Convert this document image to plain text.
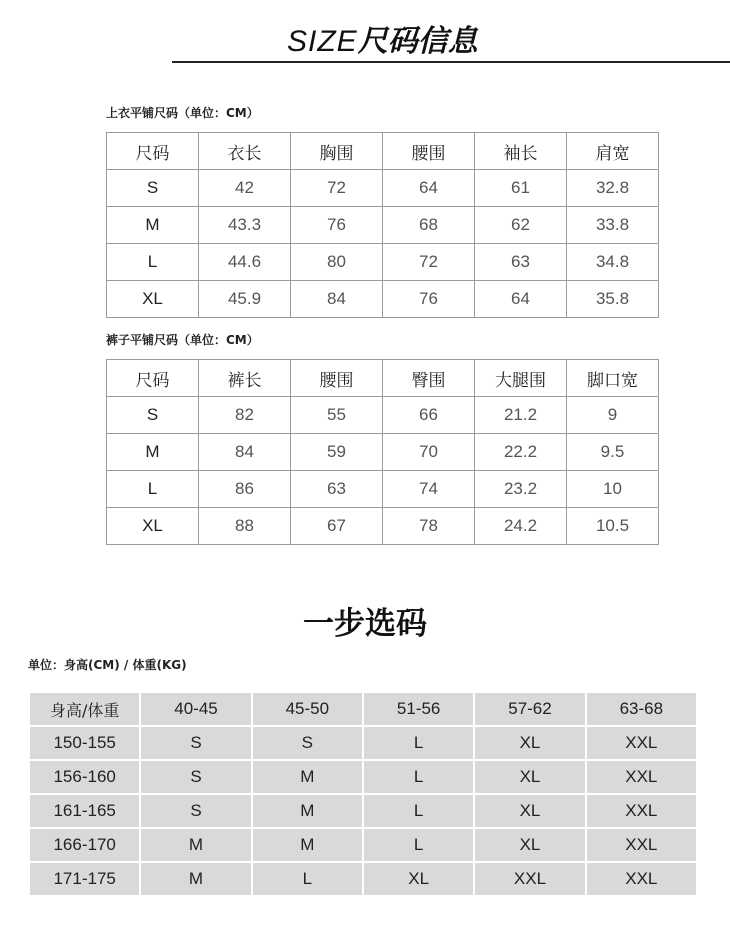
SIZE尺码信息

上衣平铺尺码（单位：CM）

尺码	衣长	胸围	腰围	袖长	肩宽
S	42	72	64	61	32.8
M	43.3	76	68	62	33.8
L	44.6	80	72	63	34.8
XL	45.9	84	76	64	35.8

裤子平铺尺码（单位：CM）

尺码	裤长	腰围	臀围	大腿围	脚口宽
S	82	55	66	21.2	9
M	84	59	70	22.2	9.5
L	86	63	74	23.2	10
XL	88	67	78	24.2	10.5
一步选码

单位：身高(CM) / 体重(KG)

身高/体重	40-45	45-50	51-56	57-62	63-68
150-155	S	S	L	XL	XXL
156-160	S	M	L	XL	XXL
161-165	S	M	L	XL	XXL
166-170	M	M	L	XL	XXL
171-175	M	L	XL	XXL	XXL
